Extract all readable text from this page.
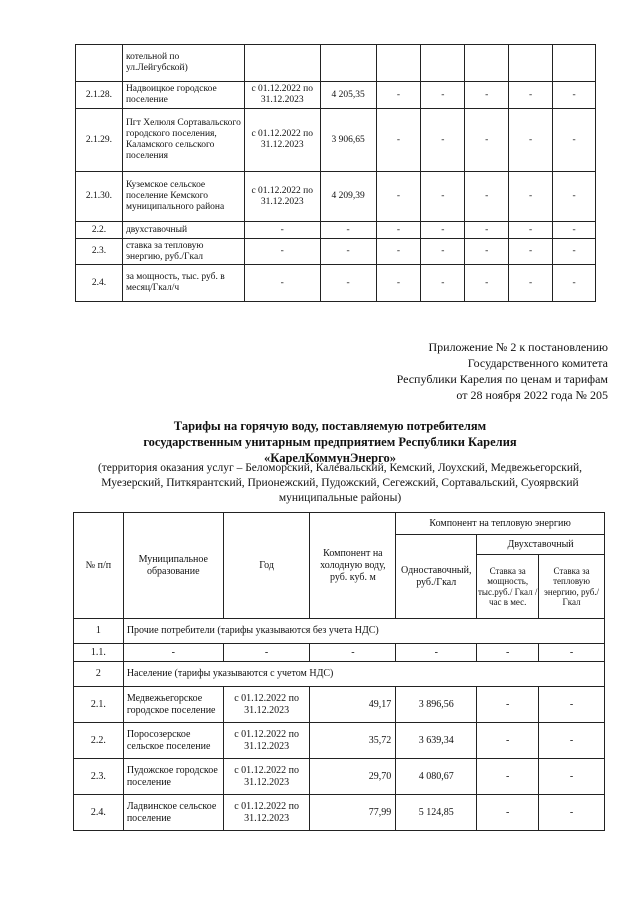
	котельной по ул.Лейгубской)							
2.1.28.	Надвоицкое городское поселение	с 01.12.2022 по 31.12.2023	4 205,35	-	-	-	-	-
2.1.29.	Пгт Хелюля Сортавальского городского поселения, Каламского сельского поселения	с 01.12.2022 по 31.12.2023	3 906,65	-	-	-	-	-
2.1.30.	Куземское сельское поселение Кемского муниципального района	с 01.12.2022 по 31.12.2023	4 209,39	-	-	-	-	-
2.2.	двухставочный	-	-	-	-	-	-	-
2.3.	ставка за тепловую энергию, руб./Гкал	-	-	-	-	-	-	-
2.4.	за мощность, тыс. руб. в месяц/Гкал/ч	-	-	-	-	-	-	-
Приложение № 2 к постановлению
Государственного комитета
Республики Карелия по ценам и тарифам
от 28 ноября 2022 года № 205
Тарифы на горячую воду, поставляемую потребителям
государственным унитарным предприятием Республики Карелия
«КарелКоммунЭнерго»
(территория оказания услуг – Беломорский, Калевальский, Кемский, Лоухский, Медвежьегорский, Муезерский, Питкярантский, Прионежский, Пудожский, Сегежский, Сортавальский, Суоярвский муниципальные районы)
№ п/п	Муниципальное образование	Год	Компонент на холодную воду, руб. куб. м	Компонент на тепловую энергию		
				Одноставочный, руб./Гкал	Двухставочный	
					Ставка за мощность, тыс.руб./ Гкал / час в мес.	Ставка за тепловую энергию, руб./Гкал
1	Прочие потребители (тарифы указываются без учета НДС)					
1.1.	-	-	-	-	-	-
2	Население (тарифы указываются с учетом НДС)					
2.1.	Медвежьегорское городское поселение	с 01.12.2022 по 31.12.2023	49,17	3 896,56	-	-
2.2.	Поросозерское сельское поселение	с 01.12.2022 по 31.12.2023	35,72	3 639,34	-	-
2.3.	Пудожское городское поселение	с 01.12.2022 по 31.12.2023	29,70	4 080,67	-	-
2.4.	Ладвинское сельское поселение	с 01.12.2022 по 31.12.2023	77,99	5 124,85	-	-
